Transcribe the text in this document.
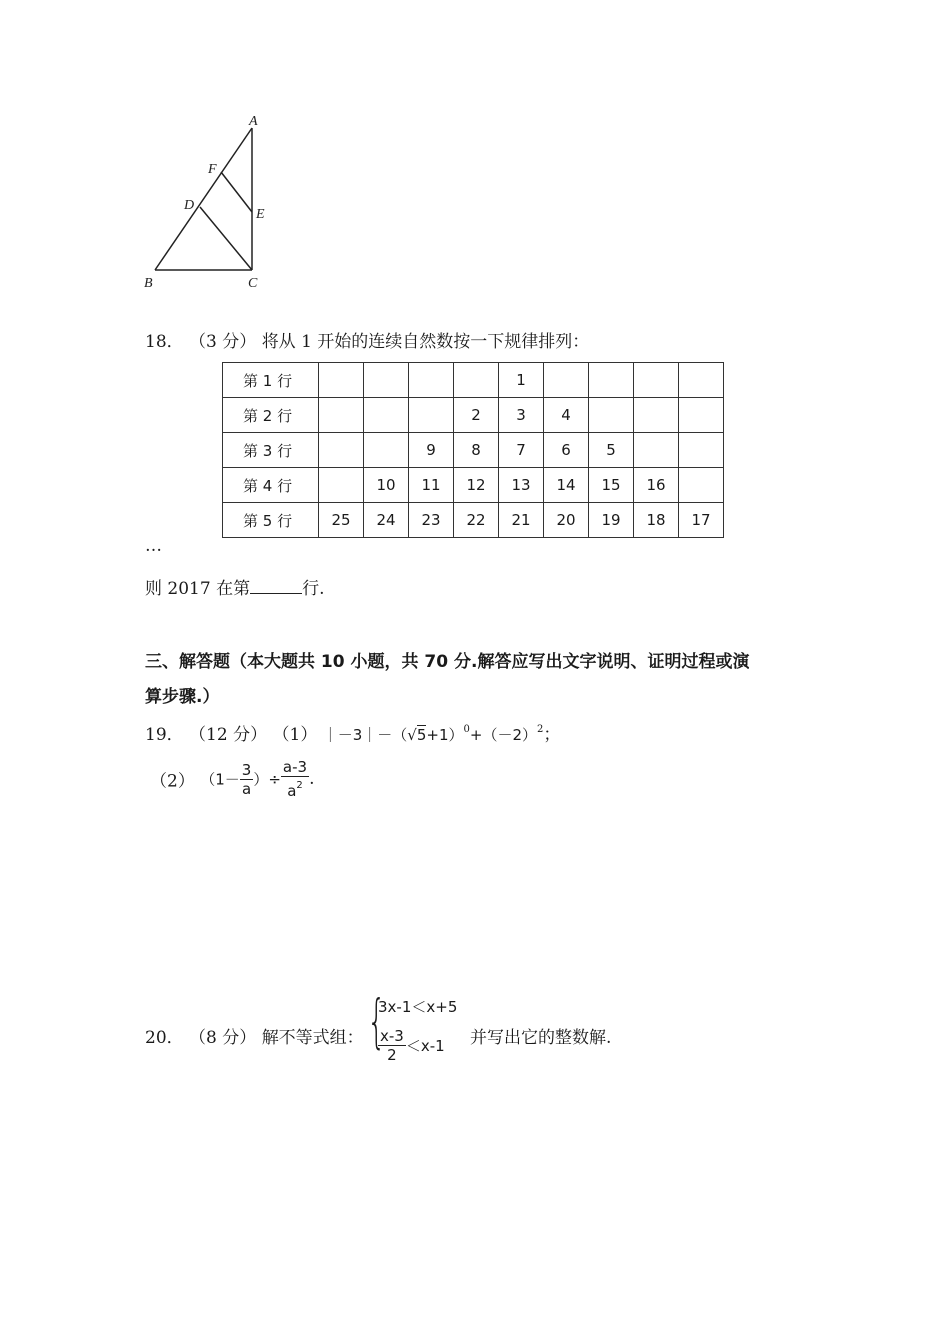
A
F
D
E
B	C
18． （3 分） 将从 1 开始的连续自然数按一下规律排列：
第 1 行					1				
第 2 行				2	3	4			
第 3 行			9	8	7	6	5		
第 4 行		10	11	12	13	14	15	16	
第 5 行	25	24	23	22	21	20	19	18	17
…
则 2017 在第	行.
三、解答题（本大题共 10 小题，共 70 分.解答应写出文字说明、证明过程或演
算步骤.）
19． （12 分） （1） $|-3|-(√5+1)^0+(-2)^2$；
（2） （$1- \frac{3}{a}$ ）÷ $\frac{a-3}{a^2}$ .
20． （8 分） 解不等式组： {
3x-1＜x+5
$\frac{x-3}{2} <x-1$ 并写出它的整数解.
